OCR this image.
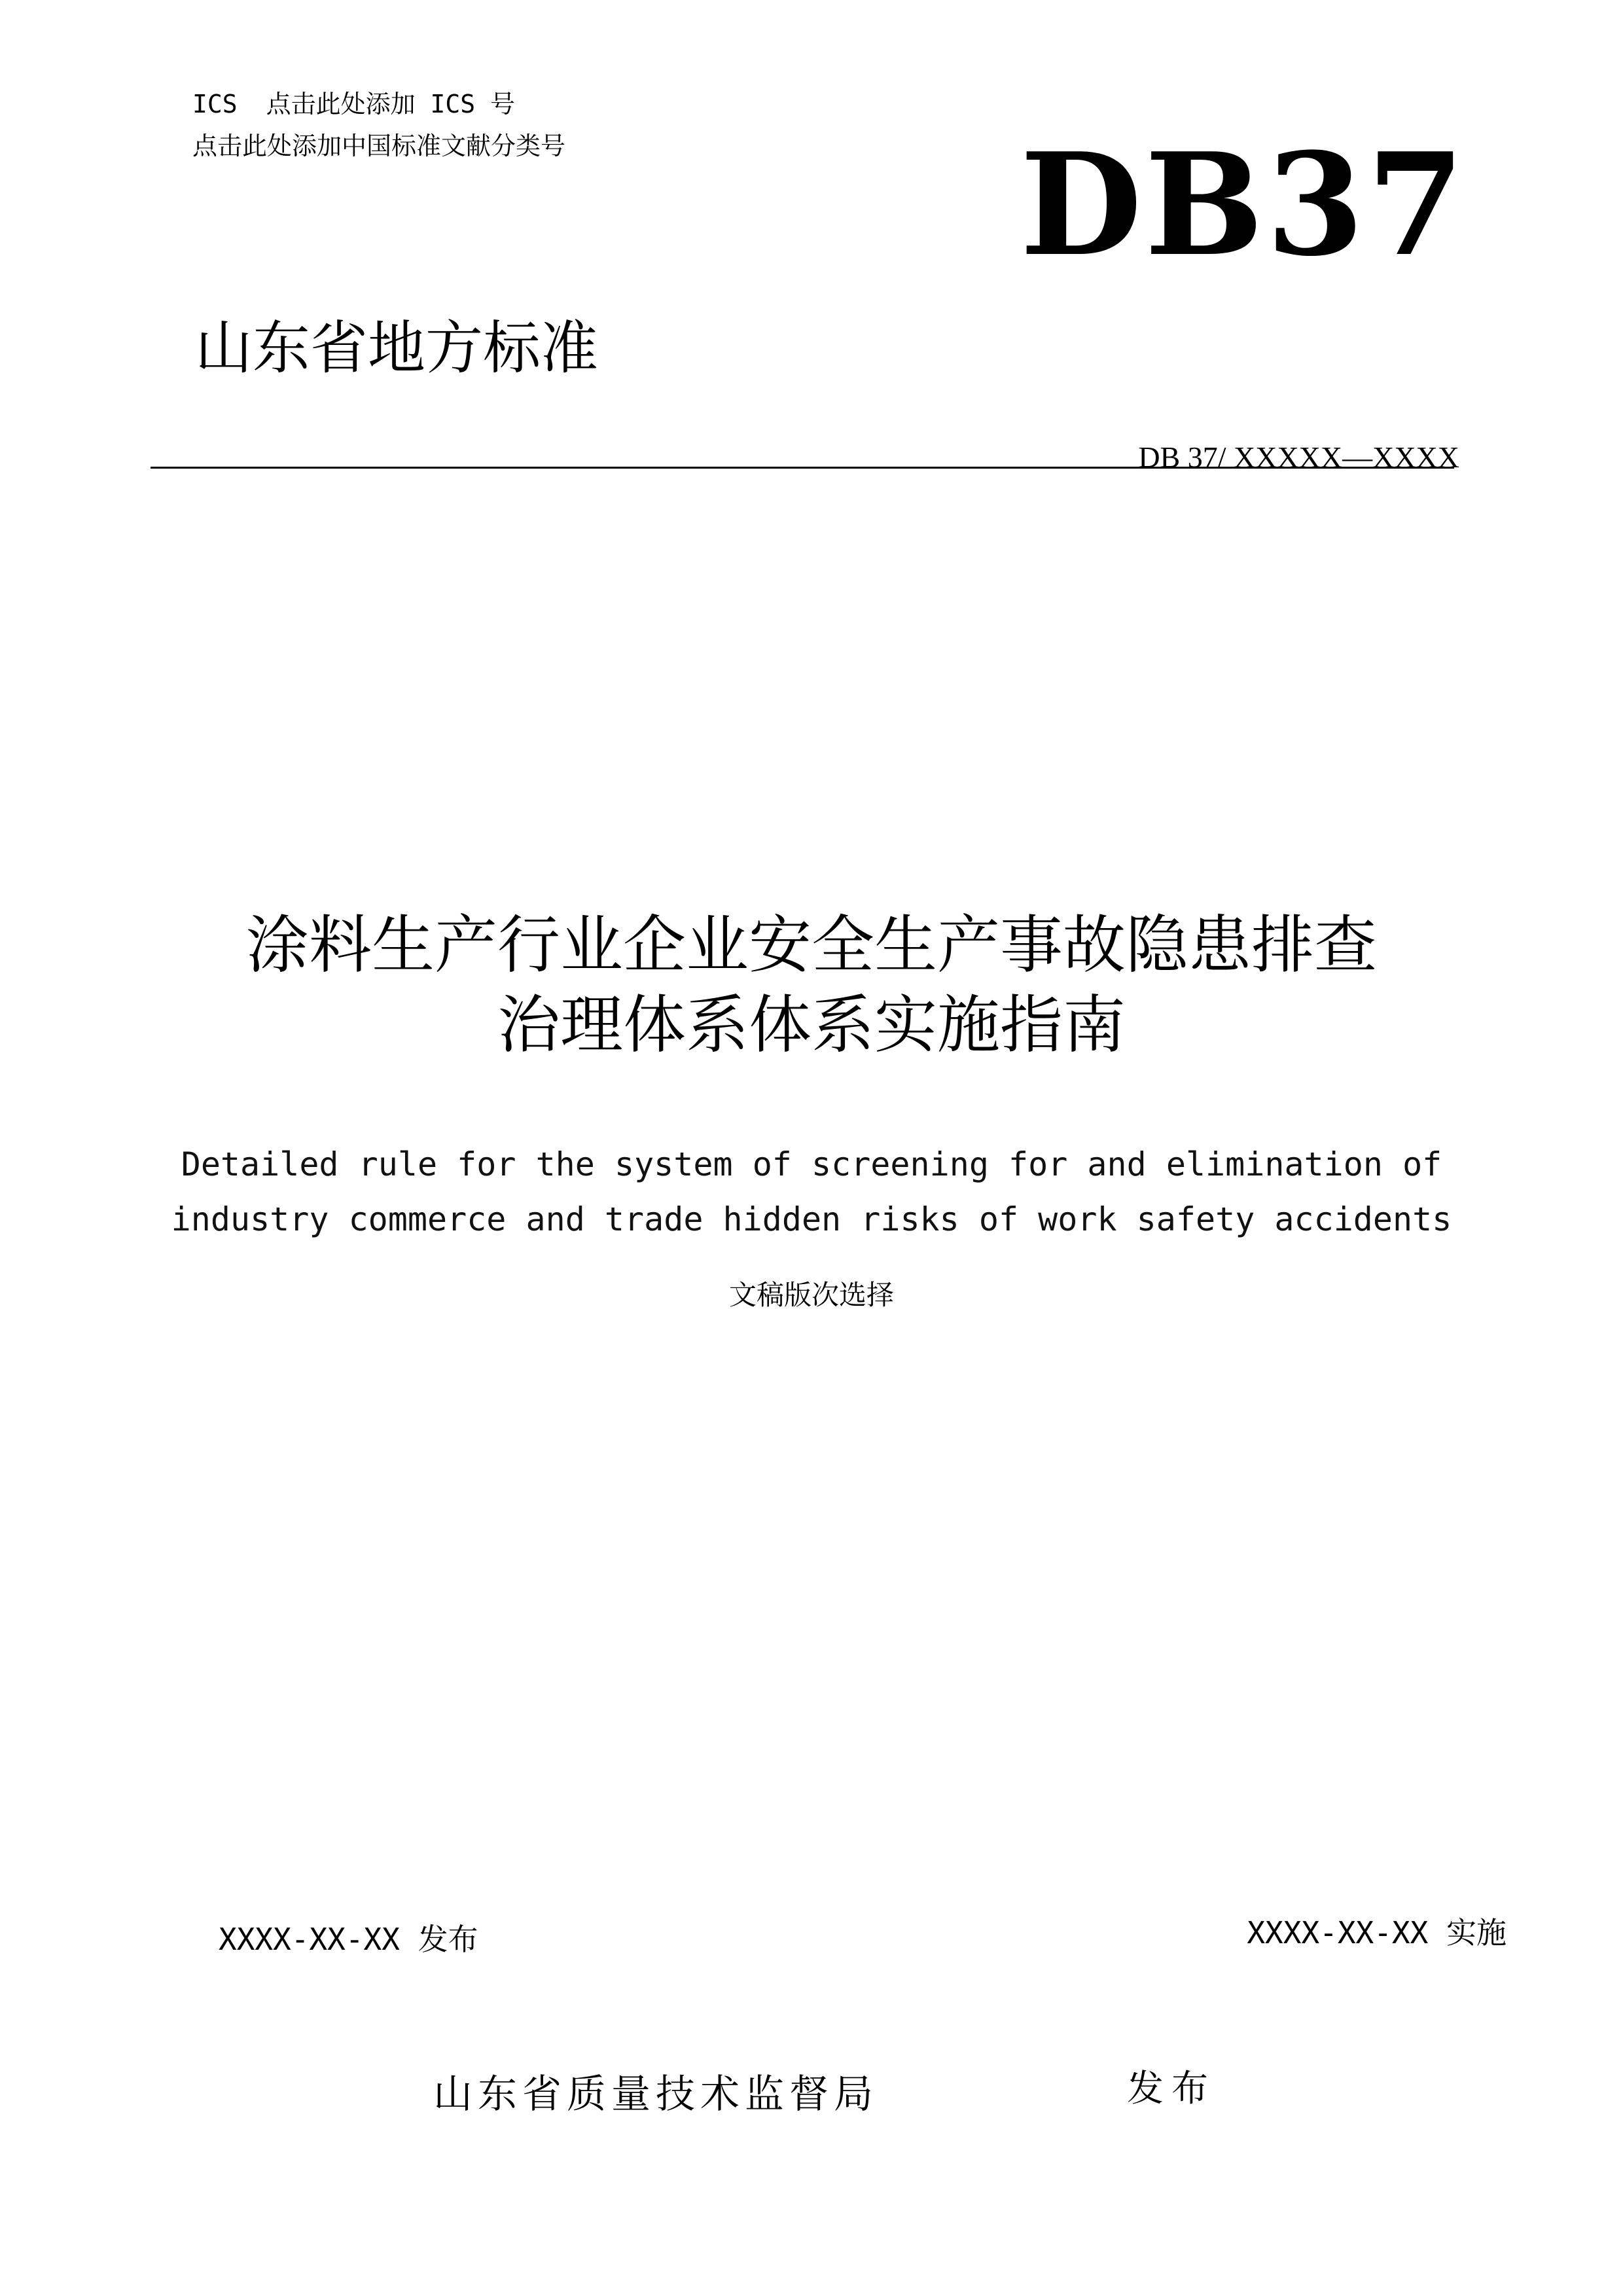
ICS 点击此处添加 ICS 号
点击此处添加中国标准文献分类号	DB37
山东省地方标准
DB 37/ XXXXX—XXXX
涂料生产行业企业安全生产事故隐患排查
治理体系体系实施指南
Detailed rule for the system of screening for and elimination of
industry commerce and trade hidden risks of work safety accidents
文稿版次选择
XXXX-XX-XX 发布	XXXX-XX-XX 实施
山东省质量技术监督局	发布
